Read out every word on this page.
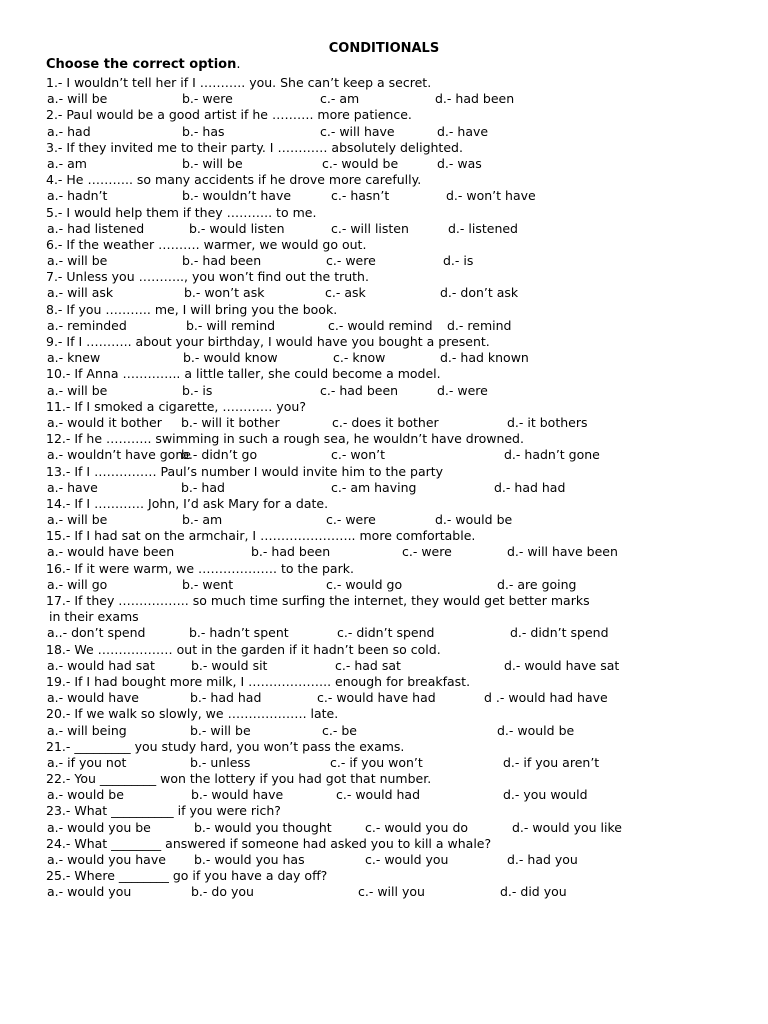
CONDITIONALS
Choose the correct option.
1.- I wouldn’t tell her if I ……….. you. She can’t keep a secret.
a.- will be	b.- were	c.- am	d.- had been
2.- Paul would be a good artist if he ………. more patience.
a.- had	b.- has	c.- will have	d.- have
3.- If they invited me to their party. I ………… absolutely delighted.
a.- am	b.- will be	c.- would be	d.- was
4.- He ……….. so many accidents if he drove more carefully.
a.- hadn’t	b.- wouldn’t have	c.- hasn’t	d.- won’t have
5.- I would help them if they ……….. to me.
a.- had listened	b.- would listen	c.- will listen	d.- listened
6.- If the weather ………. warmer, we would go out.
a.- will be	b.- had been	c.- were	d.- is
7.- Unless you ……….., you won’t find out the truth.
a.- will ask	b.- won’t ask	c.- ask	d.- don’t ask
8.- If you ……….. me, I will bring you the book.
a.- reminded	b.- will remind	c.- would remind d.- remind
9.- If I ……….. about your birthday, I would have you bought a present.
a.- knew	b.- would know	c.- know	d.- had known
10.- If Anna ………….. a little taller, she could become a model.
a.- will be	b.- is	c.- had been	d.- were
11.- If I smoked a cigarette, ………… you?
a.- would it bother b.- will it bother	c.- does it bother	d.- it bothers
12.- If he ……….. swimming in such a rough sea, he wouldn’t have drowned.
a.- wouldn’t have gone
b.- didn’t go	c.- won’t	d.- hadn’t gone
13.- If I …………… Paul’s number I would invite him to the party
a.- have	b.- had	c.- am having	d.- had had
14.- If I ………… John, I’d ask Mary for a date.
a.- will be	b.- am	c.- were	d.- would be
15.- If I had sat on the armchair, I ………………….. more comfortable.
a.- would have been	b.- had been	c.- were	d.- will have been
16.- If it were warm, we ………………. to the park.
a.- will go	b.- went	c.- would go	d.- are going
17.- If they …………….. so much time surfing the internet, they would get better marks
in their exams
a..- don’t spend	b.- hadn’t spent	c.- didn’t spend	d.- didn’t spend
18.- We ……………… out in the garden if it hadn’t been so cold.
a.- would had sat	b.- would sit	c.- had sat	d.- would have sat
19.- If I had bought more milk, I ……………….. enough for breakfast.
a.- would have	b.- had had	c.- would have had	d .- would had have
20.- If we walk so slowly, we ………………. late.
a.- will being	b.- will be	c.- be	d.- would be
21.- _________ you study hard, you won’t pass the exams.
a.- if you not	b.- unless	c.- if you won’t	d.- if you aren’t
22.- You _________ won the lottery if you had got that number.
a.- would be	b.- would have	c.- would had	d.- you would
23.- What __________ if you were rich?
a.- would you be	b.- would you thought	c.- would you do	d.- would you like
24.- What ________ answered if someone had asked you to kill a whale?
a.- would you have b.- would you has	c.- would you	d.- had you
25.- Where ________ go if you have a day off?
a.- would you	b.- do you	c.- will you	d.- did you
